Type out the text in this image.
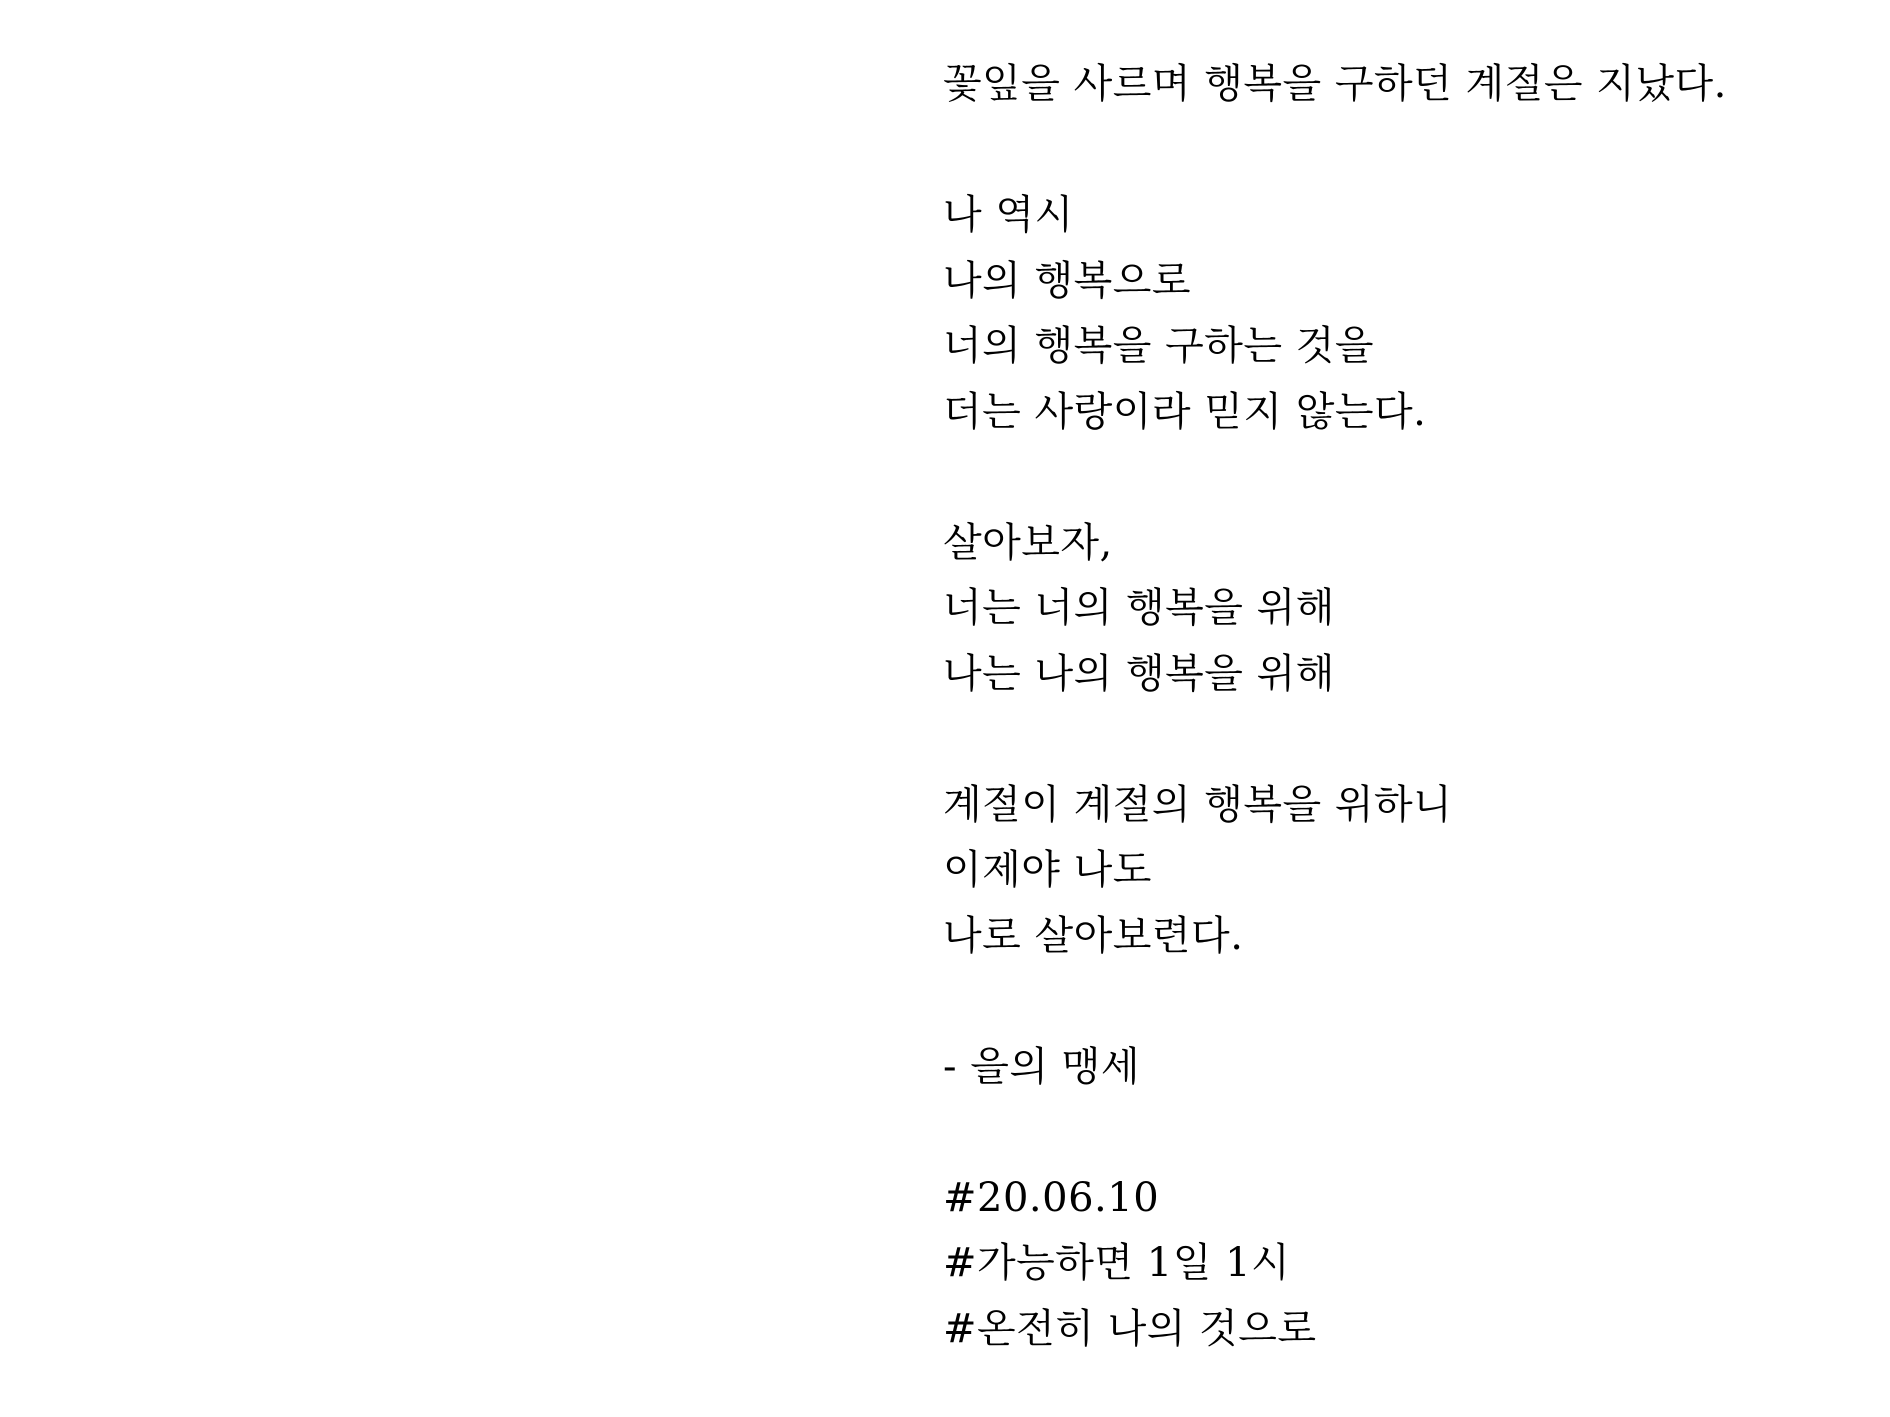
꽃잎을 사르며 행복을 구하던 계절은 지났다.
나 역시
나의 행복으로
너의 행복을 구하는 것을
더는 사랑이라 믿지 않는다.
살아보자,
너는 너의 행복을 위해
나는 나의 행복을 위해
계절이 계절의 행복을 위하니
이제야 나도
나로 살아보련다.
- 을의 맹세
#20.06.10
#가능하면 1일 1시
#온전히 나의 것으로
